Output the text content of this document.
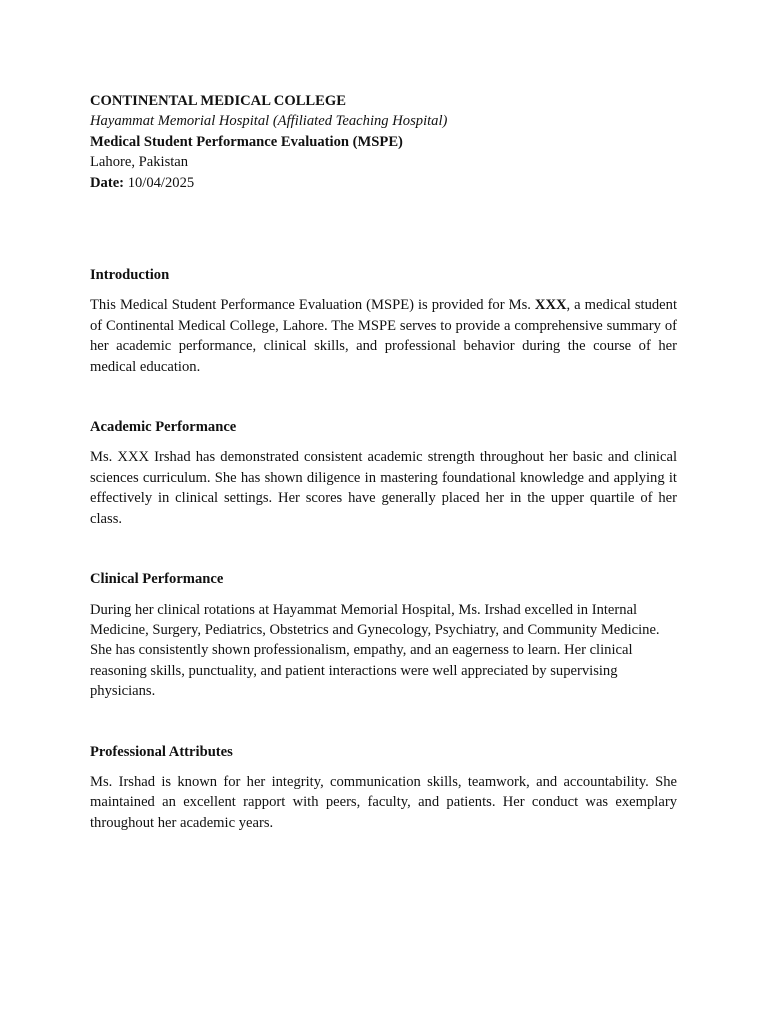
CONTINENTAL MEDICAL COLLEGE
Hayammat Memorial Hospital (Affiliated Teaching Hospital)
Medical Student Performance Evaluation (MSPE)
Lahore, Pakistan
Date: 10/04/2025
Introduction

This Medical Student Performance Evaluation (MSPE) is provided for Ms. XXX, a medical student of Continental Medical College, Lahore. The MSPE serves to provide a comprehensive summary of her academic performance, clinical skills, and professional behavior during the course of her medical education.

Academic Performance

Ms. XXX Irshad has demonstrated consistent academic strength throughout her basic and clinical sciences curriculum. She has shown diligence in mastering foundational knowledge and applying it effectively in clinical settings. Her scores have generally placed her in the upper quartile of her class.

Clinical Performance

During her clinical rotations at Hayammat Memorial Hospital, Ms. Irshad excelled in Internal Medicine, Surgery, Pediatrics, Obstetrics and Gynecology, Psychiatry, and Community Medicine. She has consistently shown professionalism, empathy, and an eagerness to learn. Her clinical reasoning skills, punctuality, and patient interactions were well appreciated by supervising physicians.

Professional Attributes

Ms. Irshad is known for her integrity, communication skills, teamwork, and accountability. She maintained an excellent rapport with peers, faculty, and patients. Her conduct was exemplary throughout her academic years.
